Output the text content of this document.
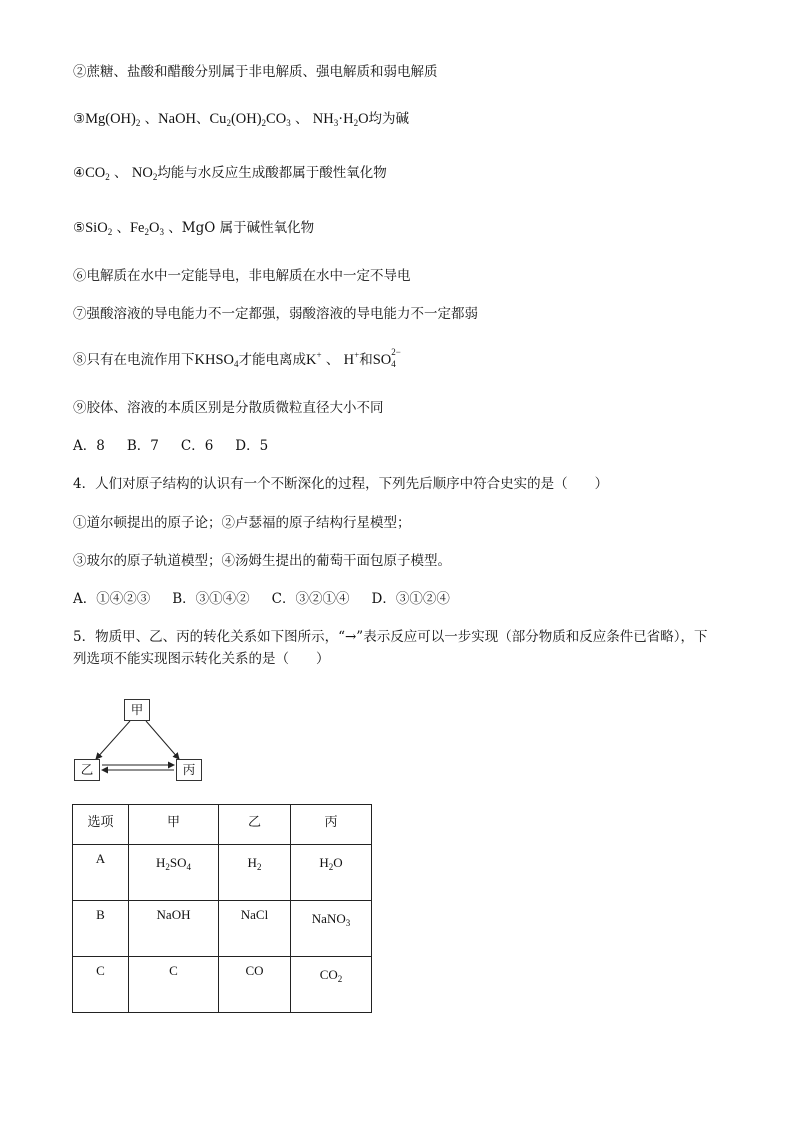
②蔗糖、盐酸和醋酸分别属于非电解质、强电解质和弱电解质
$③Mg(OH)_2$ 、NaOH、$Cu_2(OH)_2CO_3$ 、 $NH_3\cdot H_2O$均为碱
$④CO_2$ 、 $NO_2$均能与水反应生成酸都属于酸性氧化物
⑤SiO$_2$ 、$Fe_2O_3$ 、MgO 属于碱性氧化物
⑥电解质在水中一定能导电，非电解质在水中一定不导电
⑦强酸溶液的导电能力不一定都强，弱酸溶液的导电能力不一定都弱
⑧只有在电流作用下$KHSO_4$才能电离成K+ 、 H+和SO 2−
4
⑨胶体、溶液的本质区别是分散质微粒直径大小不同
A．8 B．7 C．6 D．5
4．人们对原子结构的认识有一个不断深化的过程，下列先后顺序中符合史实的是（　　）
①道尔顿提出的原子论；②卢瑟福的原子结构行星模型；
③玻尔的原子轨道模型；④汤姆生提出的葡萄干面包原子模型。
A．①④②③ B．③①④② C．③②①④ D．③①②④
5．物质甲、乙、丙的转化关系如下图所示，“→”表示反应可以一步实现（部分物质和反应条件已省略），下
列选项不能实现图示转化关系的是（　　）
甲
乙	丙
选项	甲	乙	丙
A	$H_2SO_4$	$H_2$	$H_2O$

B	NaOH	NaCl	NaNO$_3$

C	C	CO	$CO_2$
